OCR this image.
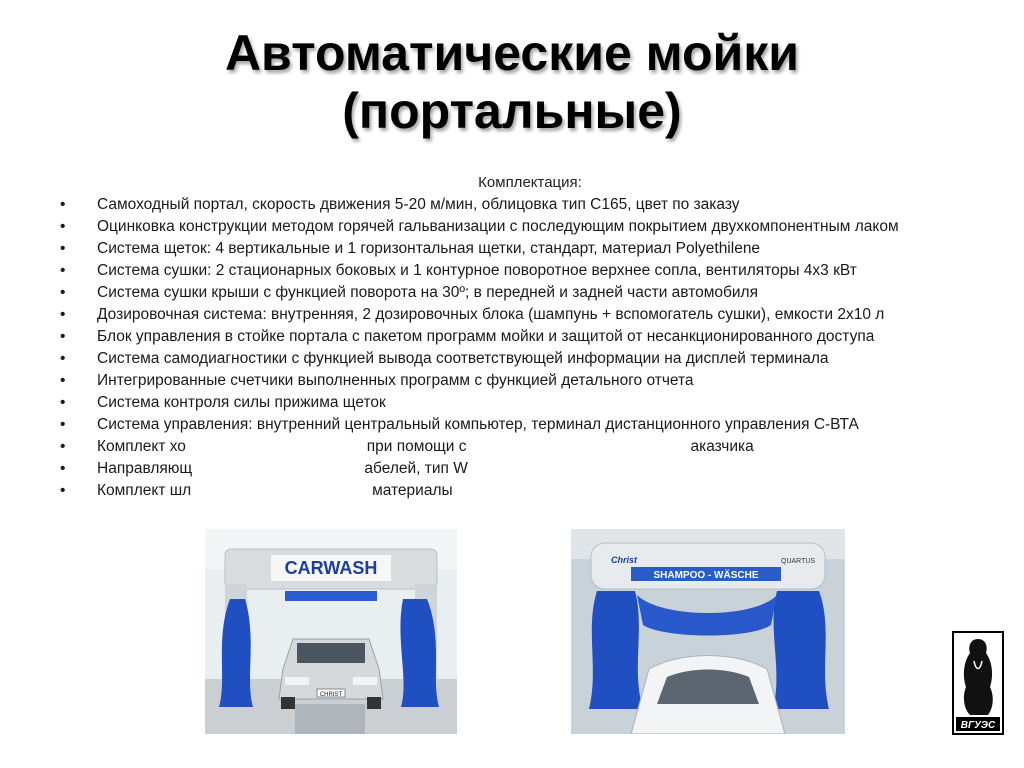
Автоматические мойки
(портальные)
Комплектация:
• Самоходный портал, скорость движения 5-20 м/мин, облицовка тип С165, цвет по заказу
• Оцинковка конструкции методом горячей гальванизации с последующим покрытием двухкомпонентным лаком
• Система щеток: 4 вертикальные и 1 горизонтальная щетки, стандарт, материал Polyethilene
• Система сушки: 2 стационарных боковых и 1 контурное поворотное верхнее сопла, вентиляторы 4х3 кВт
• Система сушки крыши с функцией поворота на 30º; в передней и задней части автомобиля
• Дозировочная система: внутренняя, 2 дозировочных блока (шампунь + вспомогатель сушки), емкости 2х10 л
• Блок управления в стойке портала с пакетом программ мойки и защитой от несанкционированного доступа
• Система самодиагностики с функцией вывода соответствующей информации на дисплей терминала
• Интегрированные счетчики выполненных программ с функцией детального отчета
• Система контроля силы прижима щеток
• Система управления: внутренний центральный компьютер, терминал дистанционного управления С-ВТА
• Комплект хо                                          при помощи с                                                    аказчика
• Направляющ                                        абелей, тип W
• Комплект шл                                          материалы
CARWASH
CHRIST
SHAMPOO - WÄSCHE
Christ	QUARTUS
ВГУЭС
